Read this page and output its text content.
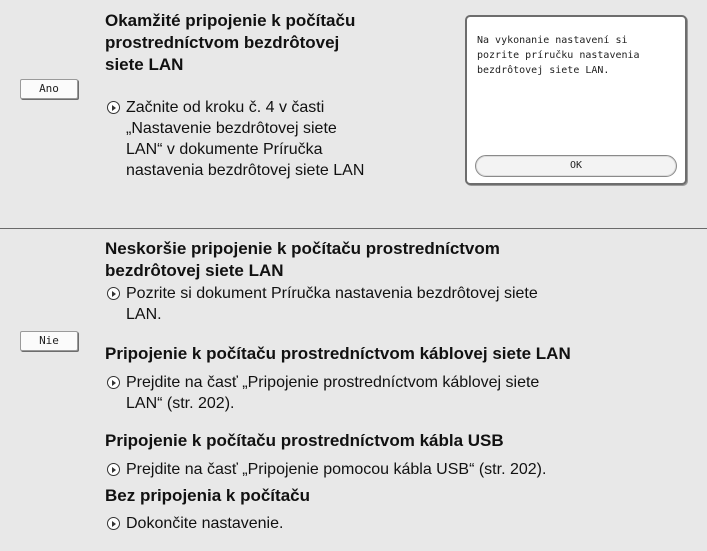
Ano
Okamžité pripojenie k počítaču
prostredníctvom bezdrôtovej
siete LAN
Začnite od kroku č. 4 v časti
„Nastavenie bezdrôtovej siete
LAN“ v dokumente Príručka
nastavenia bezdrôtovej siete LAN
Na vykonanie nastavení si
pozrite príručku nastavenia
bezdrôtovej siete LAN.
OK
Nie
Neskoršie pripojenie k počítaču prostredníctvom
bezdrôtovej siete LAN
Pozrite si dokument Príručka nastavenia bezdrôtovej siete
LAN.
Pripojenie k počítaču prostredníctvom káblovej siete LAN
Prejdite na časť „Pripojenie prostredníctvom káblovej siete
LAN“ (str. 202).
Pripojenie k počítaču prostredníctvom kábla USB
Prejdite na časť „Pripojenie pomocou kábla USB“ (str. 202).
Bez pripojenia k počítaču
Dokončite nastavenie.
